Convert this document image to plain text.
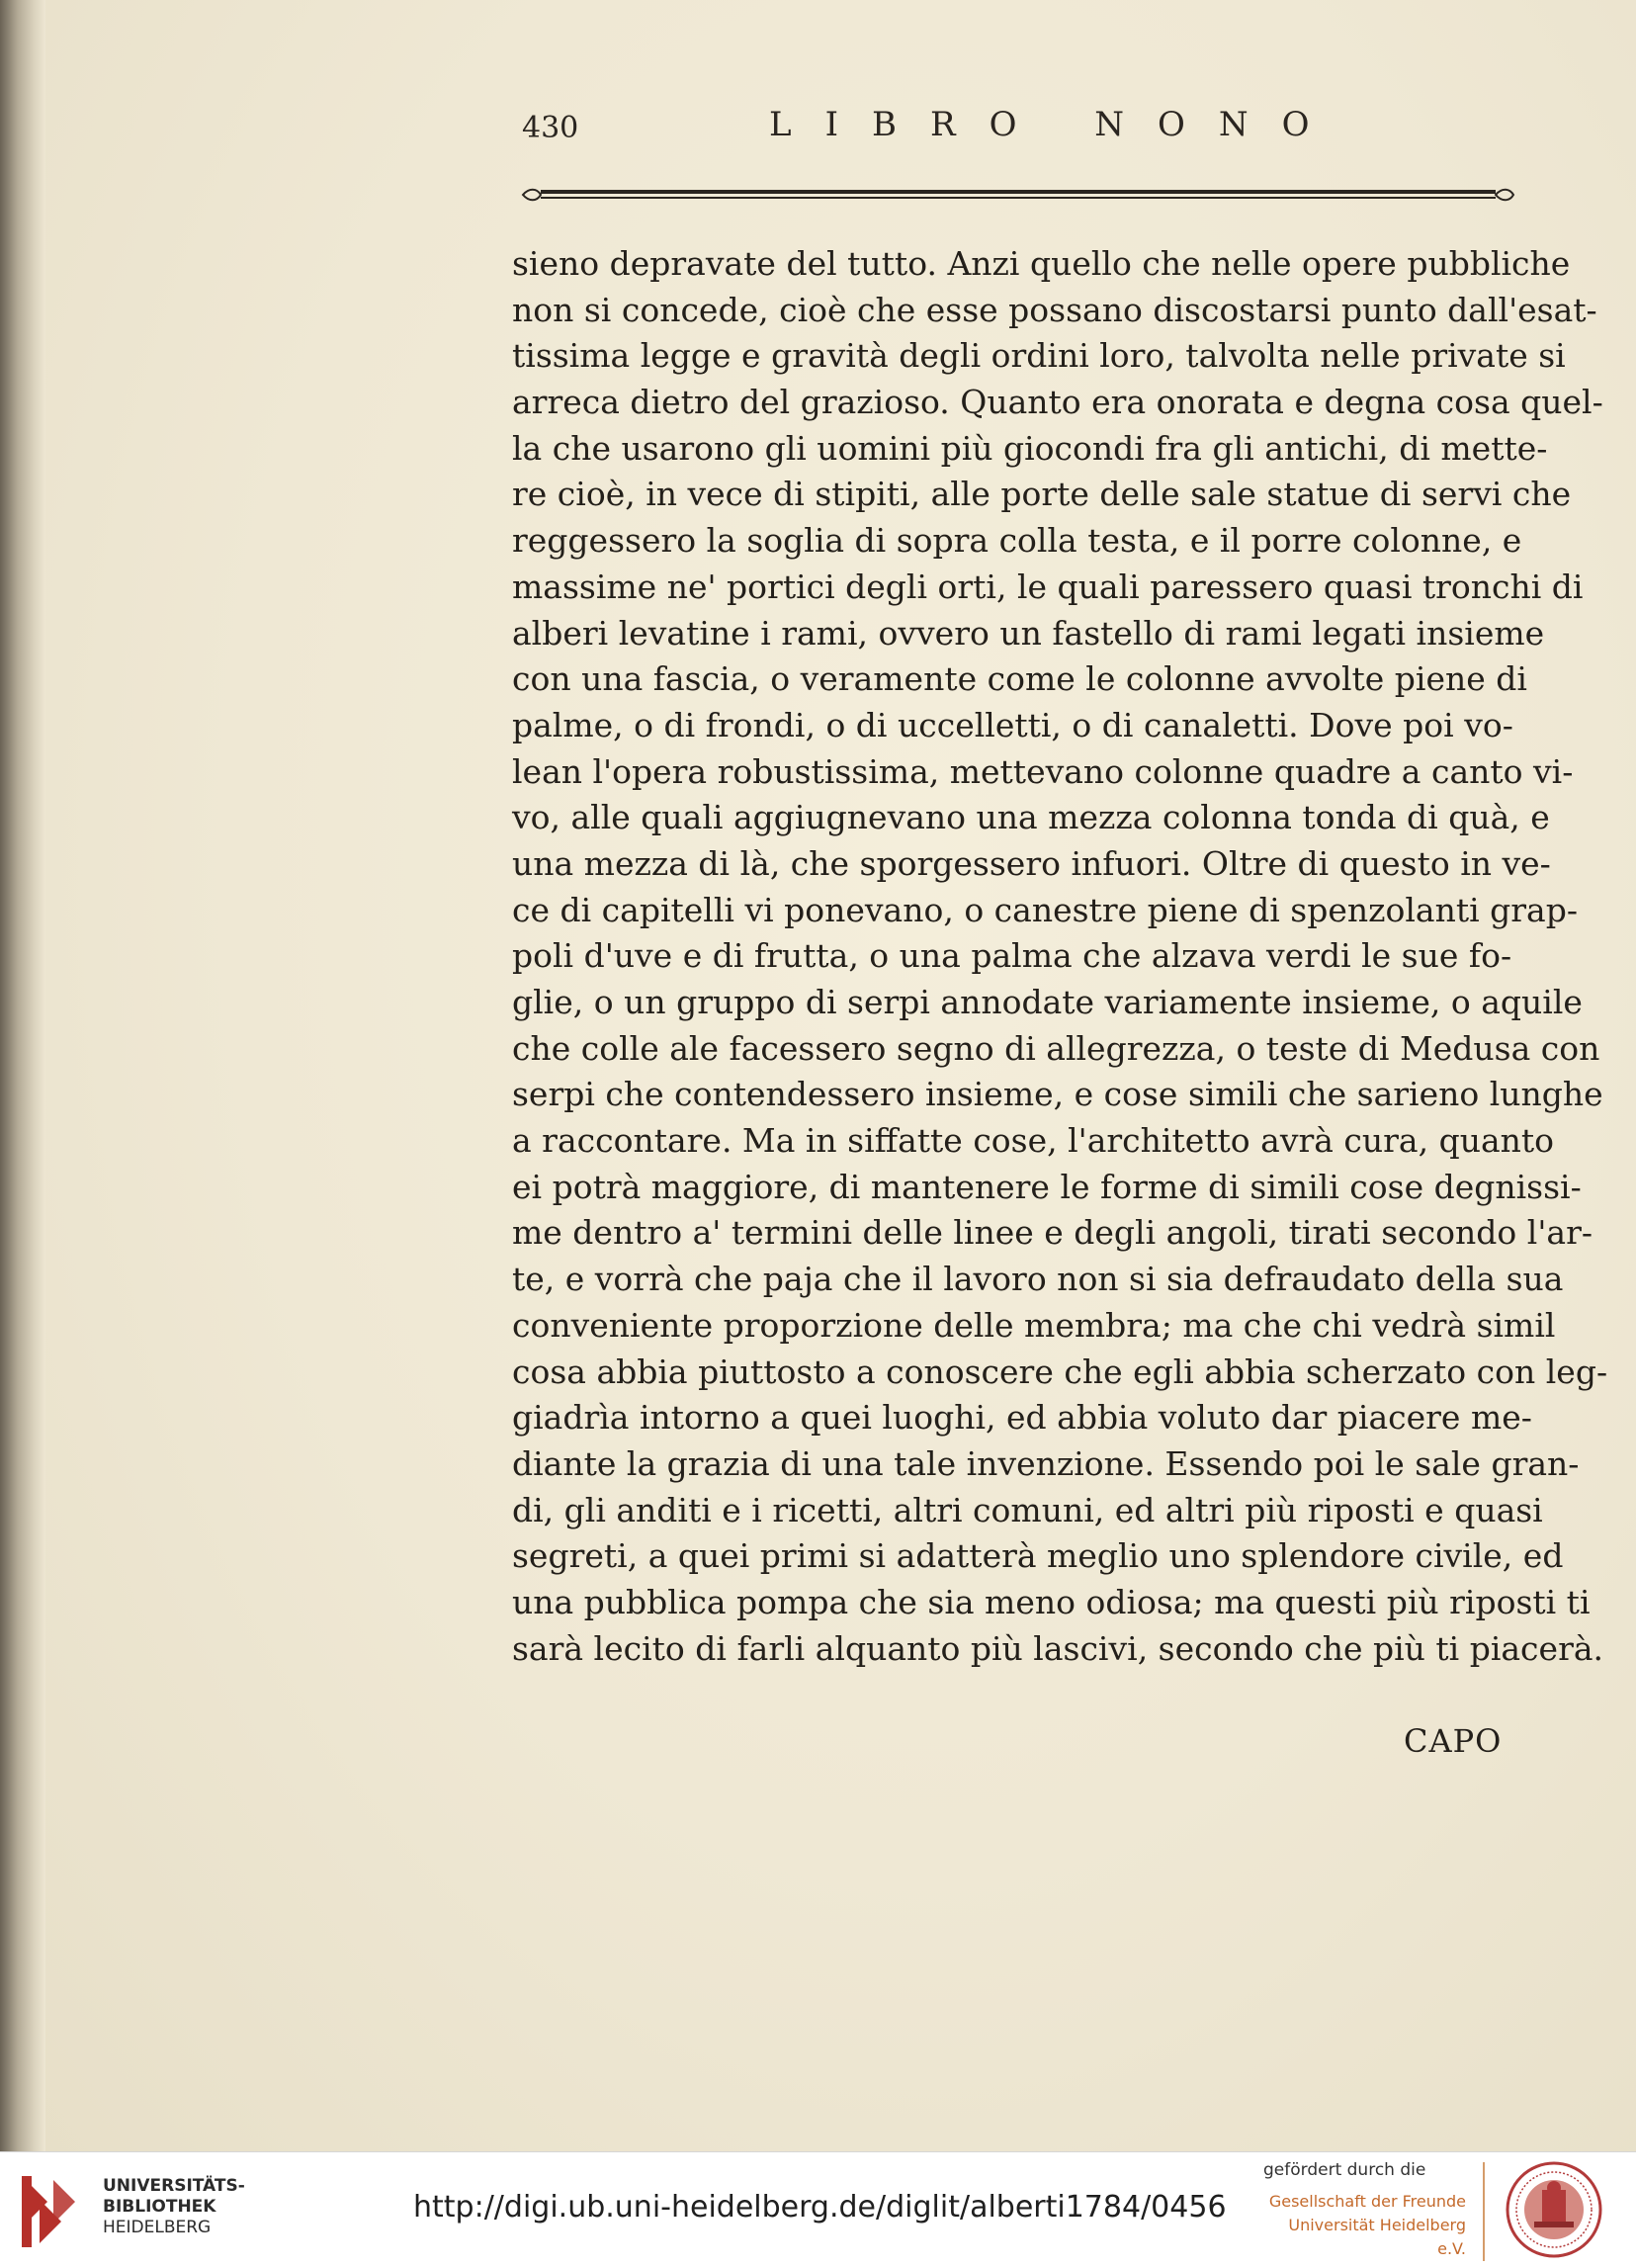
430	LIBRO NONO
sieno depravate del tutto. Anzi quello che nelle opere pubbliche
non si concede, cioè che esse possano discostarsi punto dall'esat-
tissima legge e gravità degli ordini loro, talvolta nelle private si
arreca dietro del grazioso. Quanto era onorata e degna cosa quel-
la che usarono gli uomini più giocondi fra gli antichi, di mette-
re cioè, in vece di stipiti, alle porte delle sale statue di servi che
reggessero la soglia di sopra colla testa, e il porre colonne, e
massime ne' portici degli orti, le quali paressero quasi tronchi di
alberi levatine i rami, ovvero un fastello di rami legati insieme
con una fascia, o veramente come le colonne avvolte piene di
palme, o di frondi, o di uccelletti, o di canaletti. Dove poi vo-
lean l'opera robustissima, mettevano colonne quadre a canto vi-
vo, alle quali aggiugnevano una mezza colonna tonda di quà, e
una mezza di là, che sporgessero infuori. Oltre di questo in ve-
ce di capitelli vi ponevano, o canestre piene di spenzolanti grap-
poli d'uve e di frutta, o una palma che alzava verdi le sue fo-
glie, o un gruppo di serpi annodate variamente insieme, o aquile
che colle ale facessero segno di allegrezza, o teste di Medusa con
serpi che contendessero insieme, e cose simili che sarieno lunghe
a raccontare. Ma in siffatte cose, l'architetto avrà cura, quanto
ei potrà maggiore, di mantenere le forme di simili cose degnissi-
me dentro a' termini delle linee e degli angoli, tirati secondo l'ar-
te, e vorrà che paja che il lavoro non si sia defraudato della sua
conveniente proporzione delle membra; ma che chi vedrà simil
cosa abbia piuttosto a conoscere che egli abbia scherzato con leg-
giadrìa intorno a quei luoghi, ed abbia voluto dar piacere me-
diante la grazia di una tale invenzione. Essendo poi le sale gran-
di, gli anditi e i ricetti, altri comuni, ed altri più riposti e quasi
segreti, a quei primi si adatterà meglio uno splendore civile, ed
una pubblica pompa che sia meno odiosa; ma questi più riposti ti
sarà lecito di farli alquanto più lascivi, secondo che più ti piacerà.
CAPO
UNIVERSITÄTS-
BIBLIOTHEK
HEIDELBERG
http://digi.ub.uni-heidelberg.de/diglit/alberti1784/0456
gefördert durch die
Gesellschaft der Freunde
Universität Heidelberg e.V.
